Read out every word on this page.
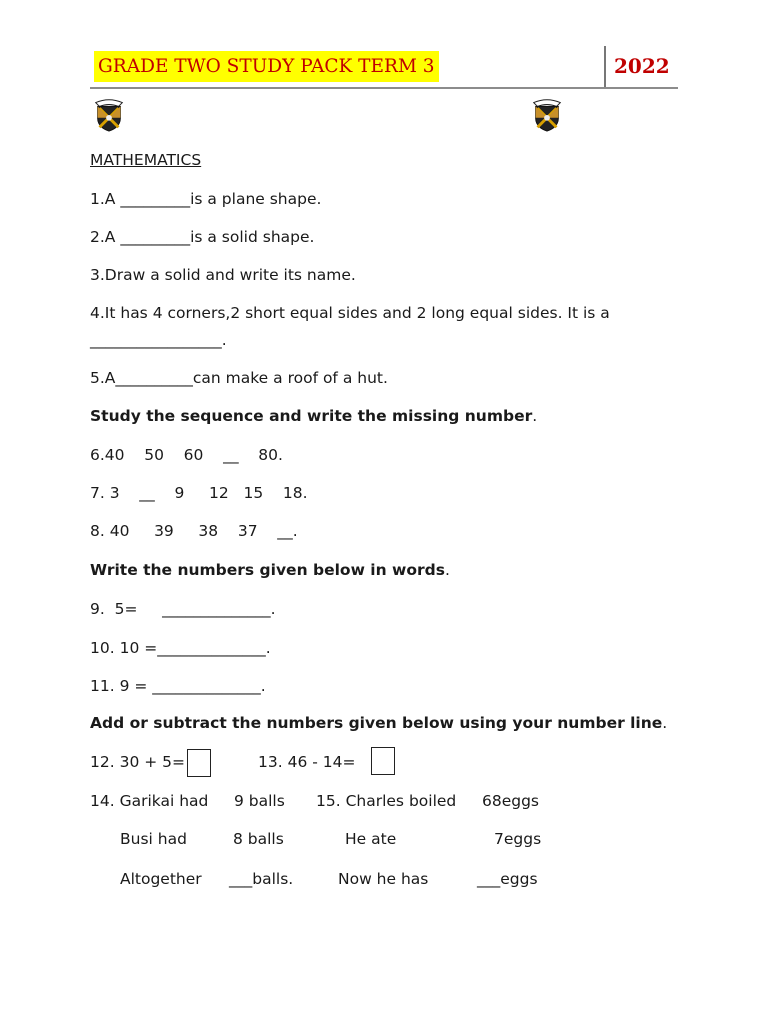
GRADE TWO STUDY PACK TERM 3	2022
MATHEMATICS
1.A _________is a plane shape.
2.A _________is a solid shape.
3.Draw a solid and write its name.
4.It has 4 corners,2 short equal sides and 2 long equal sides. It is a
_________________.
5.A__________can make a roof of a hut.
Study the sequence and write the missing number.
6.40    50    60    __    80.
7. 3    __    9     12   15    18.
8. 40     39     38    37    __.
Write the numbers given below in words.
9.  5=     ______________.
10. 10 =______________.
11. 9 = ______________.
Add or subtract the numbers given below using your number line.
12. 30 + 5=	13. 46 - 14=
14. Garikai had 9 balls 15. Charles boiled 68eggs
Busi had	8 balls	He ate	7eggs
Altogether ___balls.	Now he has	___eggs
